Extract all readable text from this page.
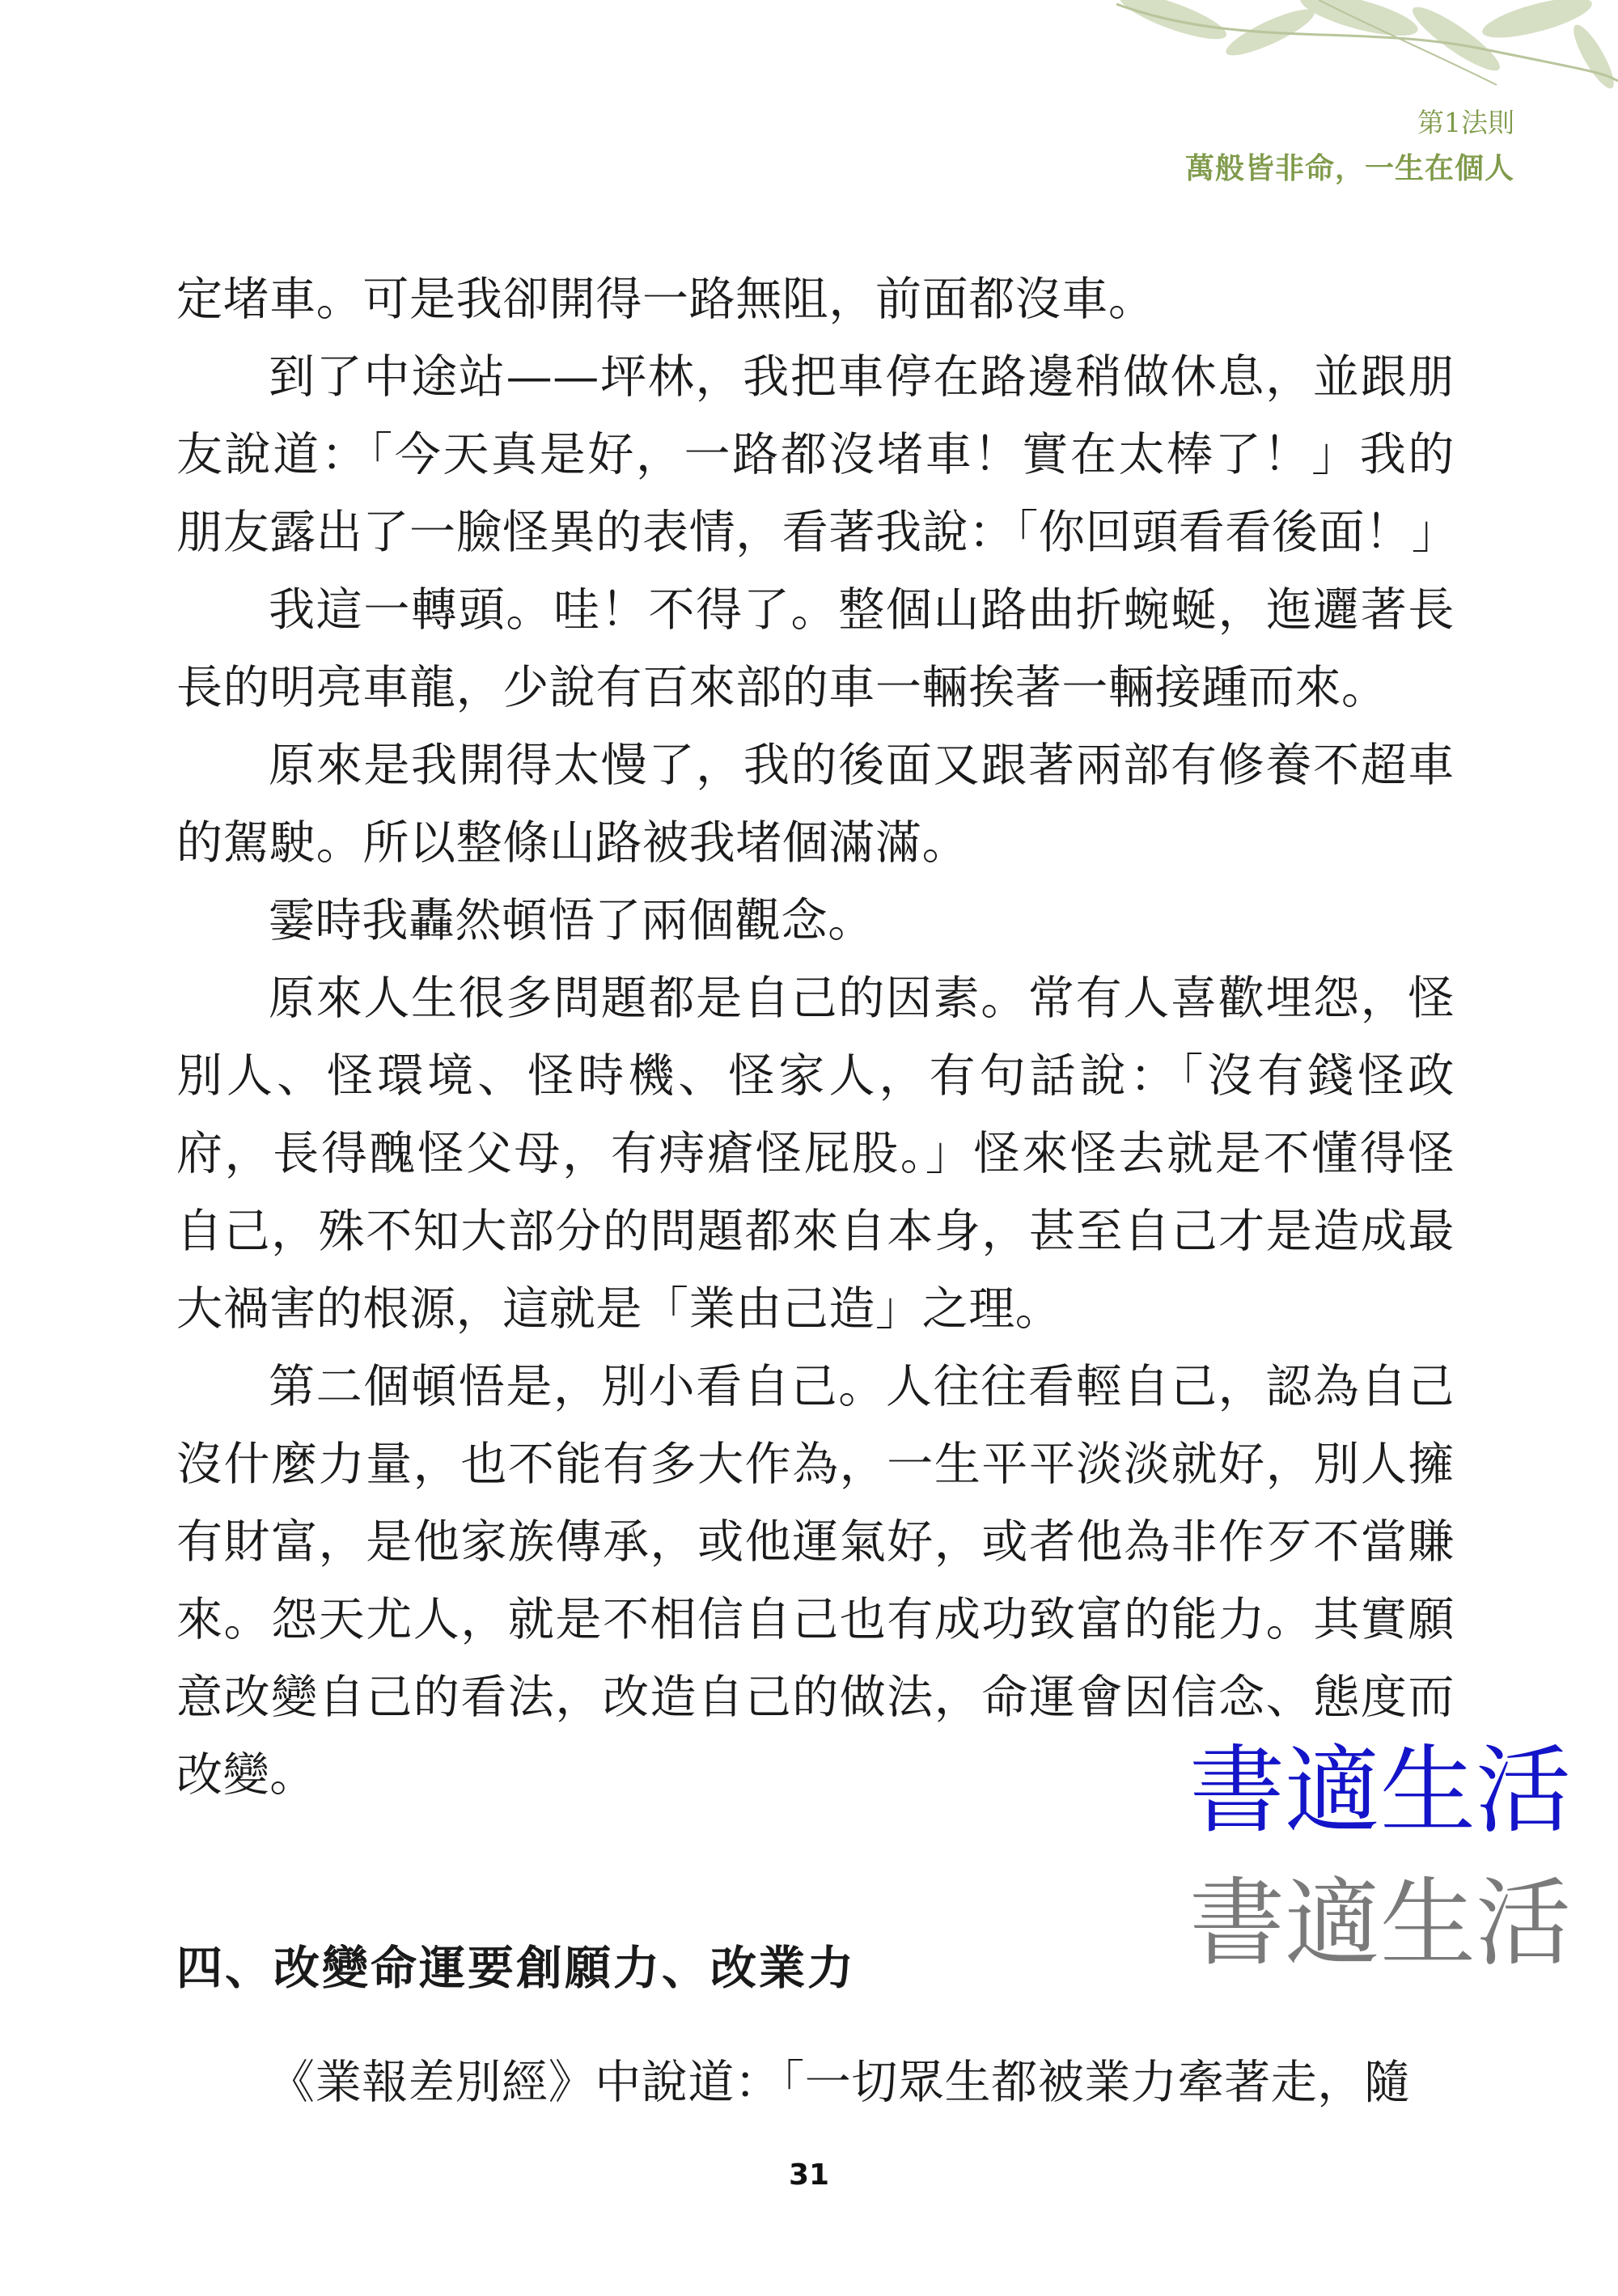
第1法則
萬般皆非命，一生在個人

定堵車。可是我卻開得一路無阻，前面都沒車。

到了中途站——坪林，我把車停在路邊稍做休息，並跟朋友說道：「今天真是好，一路都沒堵車！實在太棒了！」我的朋友露出了一臉怪異的表情，看著我說：「你回頭看看後面！」

我這一轉頭。哇！不得了。整個山路曲折蜿蜒，迤邐著長長的明亮車龍，少說有百來部的車一輛挨著一輛接踵而來。

原來是我開得太慢了，我的後面又跟著兩部有修養不超車的駕駛。所以整條山路被我堵個滿滿。

霎時我轟然頓悟了兩個觀念。

原來人生很多問題都是自己的因素。常有人喜歡埋怨，怪別人、怪環境、怪時機、怪家人，有句話說：「沒有錢怪政府，長得醜怪父母，有痔瘡怪屁股。」怪來怪去就是不懂得怪自己，殊不知大部分的問題都來自本身，甚至自己才是造成最大禍害的根源，這就是「業由己造」之理。

第二個頓悟是，別小看自己。人往往看輕自己，認為自己沒什麼力量，也不能有多大作為，一生平平淡淡就好，別人擁有財富，是他家族傳承，或他運氣好，或者他為非作歹不當賺來。怨天尤人，就是不相信自己也有成功致富的能力。其實願意改變自己的看法，改造自己的做法，命運會因信念、態度而改變。

四、改變命運要創願力、改業力

《業報差別經》中說道：「一切眾生都被業力牽著走，隨

書適生活
書適生活
31
